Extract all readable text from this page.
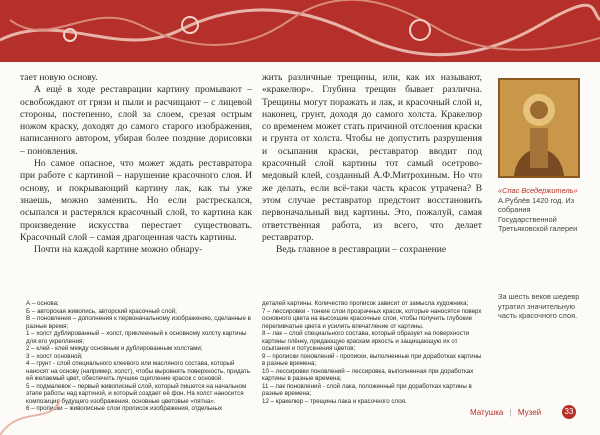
тает новую основу.

А ещё в ходе реставрации картину промывают – освобождают от грязи и пыли и расчищают – с лицевой стороны, постепенно, слой за слоем, срезая острым ножом краску, доходят до самого старого изображения, написанного автором, убирая более поздние дорисовки – поновления.

Но самое опасное, что может ждать реставратора при работе с картиной – нарушение красочного слоя. И основу, и покрывающий картину лак, как ты уже знаешь, можно заменить. Но если растрескался, осыпался и растерялся красочный слой, то картина как произведение искусства перестает существовать. Красочный слой – самая драгоценная часть картины.

Почти на каждой картине можно обнару-

жить различные трещины, или, как их называют, «кракелюр». Глубина трещин бывает различна. Трещины могут поражать и лак, и красочный слой и, наконец, грунт, доходя до самого холста. Кракелюр со временем может стать причиной отслоения краски и грунта от холста. Чтобы не допустить разрушения и осыпания краски, реставратор вводит под красочный слой картины тот самый осетрово-медовый клей, созданный А.Ф.Митрохиным. Но что же делать, если всё-таки часть красок утрачена? В этом случае реставратор предстоит восстановить первоначальный вид картины. Это, пожалуй, самая ответственная работа, из всего, что делает реставратор.

Ведь главное в реставрации – сохранение

«Спас Вседержитель»
А.Рублёв 1420 год. Из собрания Государственной Третьяковской галереи
За шесть веков шедевр утратил значительную часть красочного слоя.

А – основа;

Б – авторская живопись, авторский красочный слой;

В – поновления – дополнения к первоначальному изображению, сделанные в разные время;

1 – холст дублированный – холст, приклеенный к основному холсту картины для его укрепления;

2 – клей - клей между основным и дублированным холстами;

3 – холст основной;

4 – грунт - слой специального клеевого или масляного состава, который наносят на основу (например, холст), чтобы выровнять поверхность, придать ей желаемый цвет, обеспечить лучшее сцепление красок с основой.

5 – подмалевок – первый живописный слой, который пишется на начальном этапе работы над картиной, и который создает её фон. На холст наносится композиция будущего изображения, основные цветовые «пятна».

6 – прописки – живописные слои прописок изображения, отдельных

деталей картины. Количество прописок зависит от замысла художника;

7 – лессировки - тонкие слои прозрачных красок, которые наносятся поверх основного цвета на высохшие красочные слои, чтобы получить глубокие переливчатые цвета и усилить впечатление от картины.

8 – лак – слой специального состава, который образует на поверхности картины плёнку, придающую краскам яркость и защищающую их от осыпания и потускнения цветов;

9 – прописки поновлений - прописки, выполненные при доработках картины в разные времена;

10 – лессировки поновлений – лессировка, выполненная при доработках картины в разные времена;

11 – лак поновлений - слой лака, положенный при доработках картины в разные времена;

12 – кракелюр – трещины лака и красочного слоя.

Матушка | Музей	33
